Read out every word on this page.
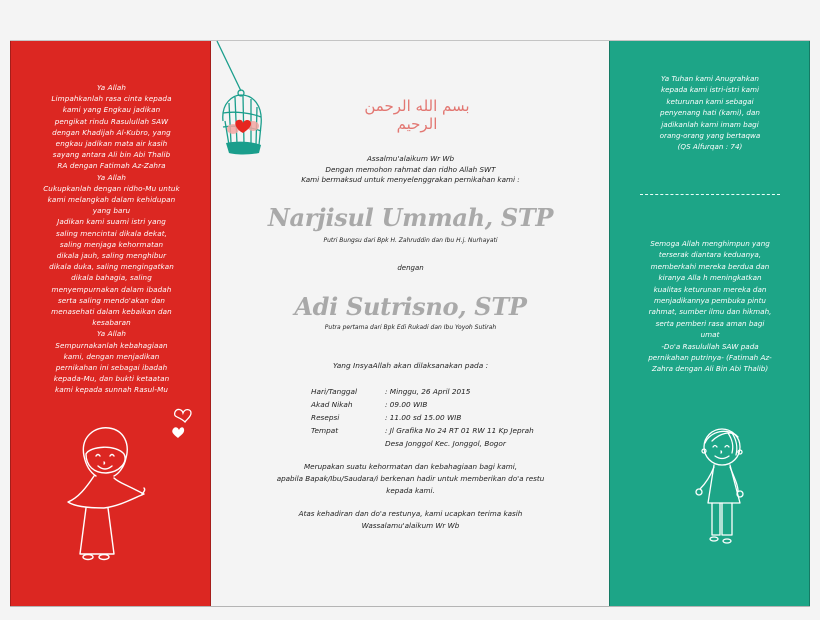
Ya Allah
Limpahkanlah rasa cinta kepada
kami yang Engkau jadikan
pengikat rindu Rasulullah SAW
dengan Khadijah Al-Kubro, yang
engkau jadikan mata air kasih
sayang antara Ali bin Abi Thalib
RA dengan Fatimah Az-Zahra
Ya Allah
Cukupkanlah dengan ridho-Mu untuk
kami melangkah dalam kehidupan
yang baru
Jadikan kami suami istri yang
saling mencintai dikala dekat,
saling menjaga kehormatan
dikala jauh, saling menghibur
dikala duka, saling mengingatkan
dikala bahagia, saling
menyempurnakan dalam ibadah
serta saling mendo'akan dan
menasehati dalam kebaikan dan
kesabaran
Ya Allah
Sempurnakanlah kebahagiaan
kami, dengan menjadikan
pernikahan ini sebagai ibadah
kepada-Mu, dan bukti ketaatan
kami kepada sunnah Rasul-Mu
بسم الله الرحمن الرحيم
Assalmu'alaikum Wr Wb
Dengan memohon rahmat dan ridho Allah SWT
Kami bermaksud untuk menyelenggrakan pernikahan kami :
Narjisul Ummah, STP
Putri Bungsu dari Bpk H. Zahruddin dan Ibu H.j. Nurhayati
dengan
Adi Sutrisno, STP
Putra pertama dari Bpk Edi Rukadi dan Ibu Yoyoh Sutirah
Yang InsyaAllah akan dilaksanakan pada :
Hari/Tanggal	: Minggu, 26 April 2015
Akad Nikah	: 09.00 WIB
Resepsi	: 11.00 sd 15.00 WIB
Tempat	: Jl Grafika No 24 RT 01 RW 11 Kp Jeprah
Desa Jonggol Kec. Jonggol, Bogor
Merupakan suatu kehormatan dan kebahagiaan bagi kami,
apabila Bapak/Ibu/Saudara/i berkenan hadir untuk memberikan do'a restu
kepada kami.
Atas kehadiran dan do'a restunya, kami ucapkan terima kasih
Wassalamu'alaikum Wr Wb
Ya Tuhan kami Anugrahkan
kepada kami istri-istri kami
keturunan kami sebagai
penyenang hati (kami), dan
jadikanlah kami imam bagi
orang-orang yang bertaqwa
(QS Alfurqan : 74)
Semoga Allah menghimpun yang
terserak diantara keduanya,
memberkahi mereka berdua dan
kiranya Alla h meningkatkan
kualitas keturunan mereka dan
menjadikannya pembuka pintu
rahmat, sumber ilmu dan hikmah,
serta pemberi rasa aman bagi
umat
-Do'a Rasulullah SAW pada
pernikahan putrinya- (Fatimah Az-
Zahra dengan Ali Bin Abi Thalib)
